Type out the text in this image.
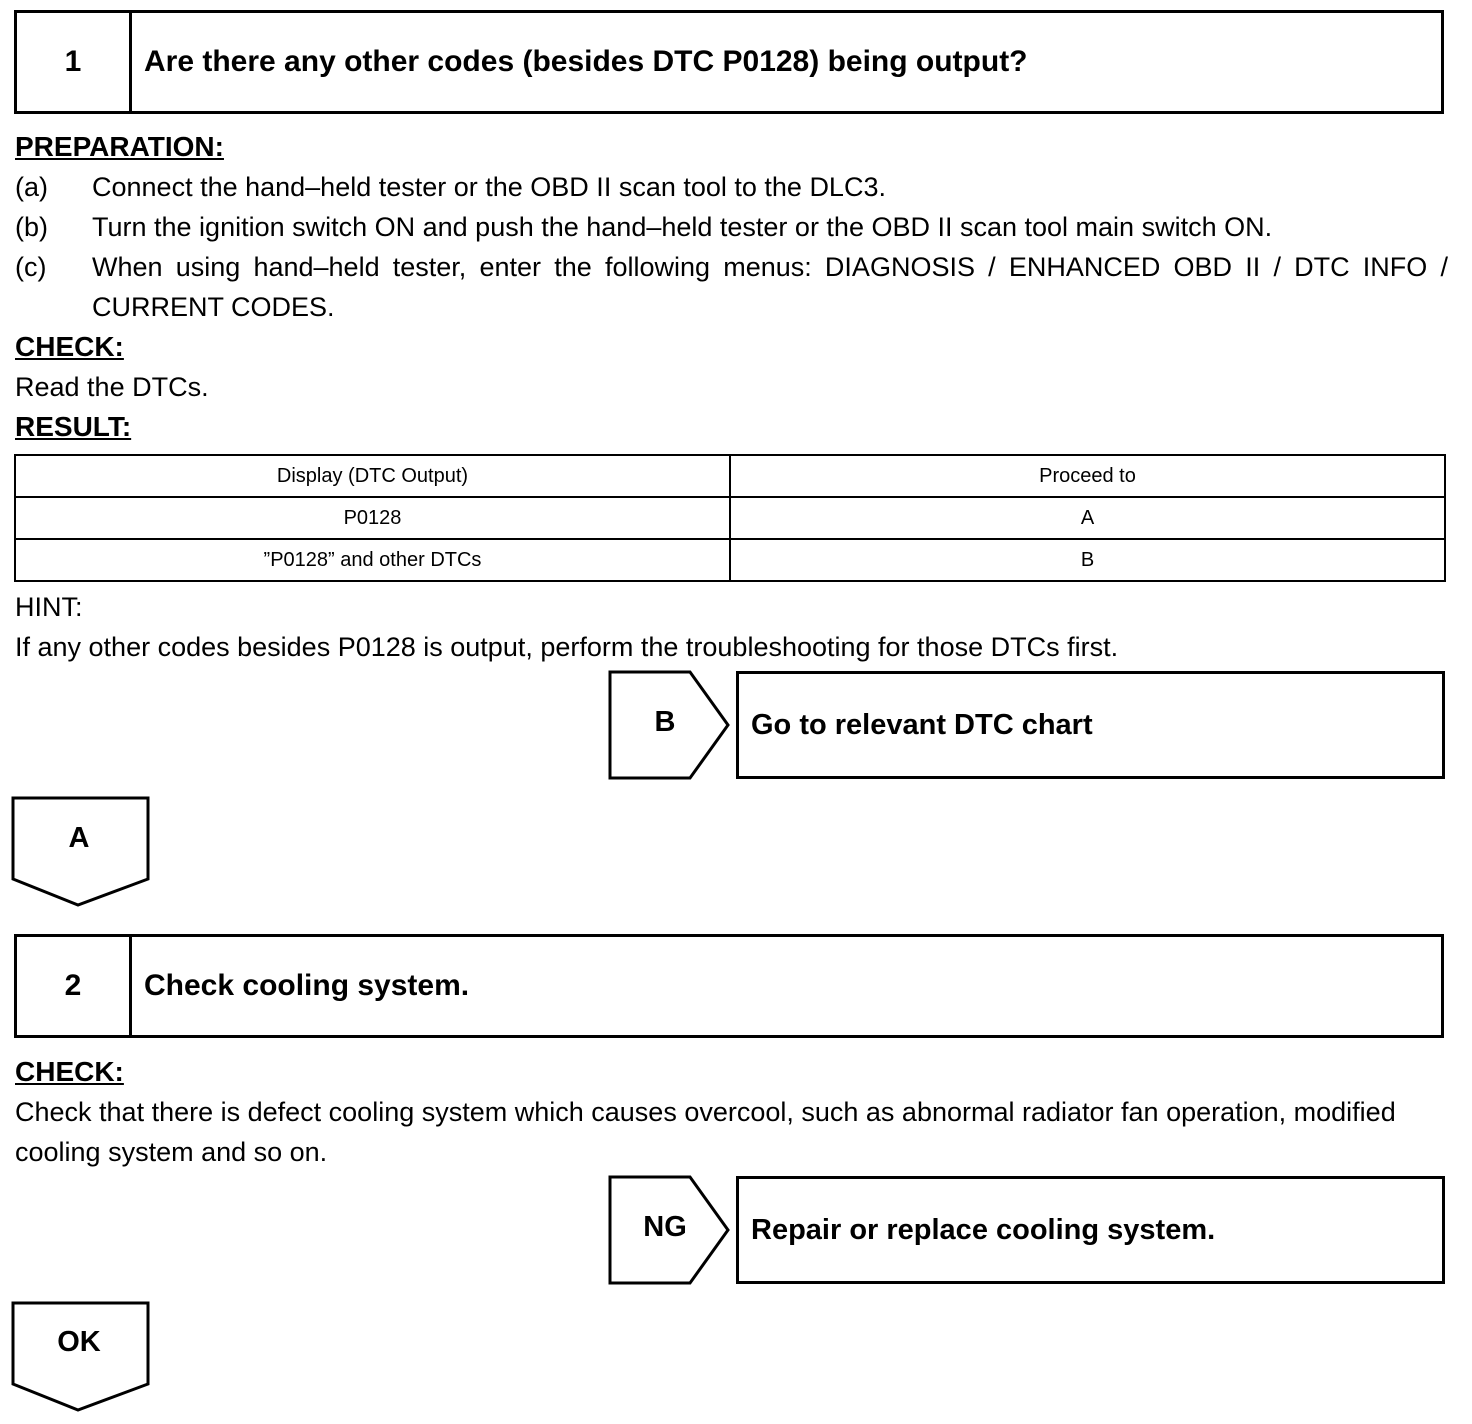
1	Are there any other codes (besides DTC P0128) being output?
PREPARATION:
(a) Connect the hand–held tester or the OBD II scan tool to the DLC3.
(b) Turn the ignition switch ON and push the hand–held tester or the OBD II scan tool main switch ON.
(c) When using hand–held tester, enter the following menus: DIAGNOSIS / ENHANCED OBD II / DTC INFO / CURRENT CODES.
CHECK:
Read the DTCs.
RESULT:
Display (DTC Output)	Proceed to
P0128	A
”P0128” and other DTCs	B
HINT:
If any other codes besides P0128 is output, perform the troubleshooting for those DTCs first.
B	Go to relevant DTC chart
A
2	Check cooling system.
CHECK:
Check that there is defect cooling system which causes overcool, such as abnormal radiator fan operation, modified cooling system and so on.
NG	Repair or replace cooling system.
OK
